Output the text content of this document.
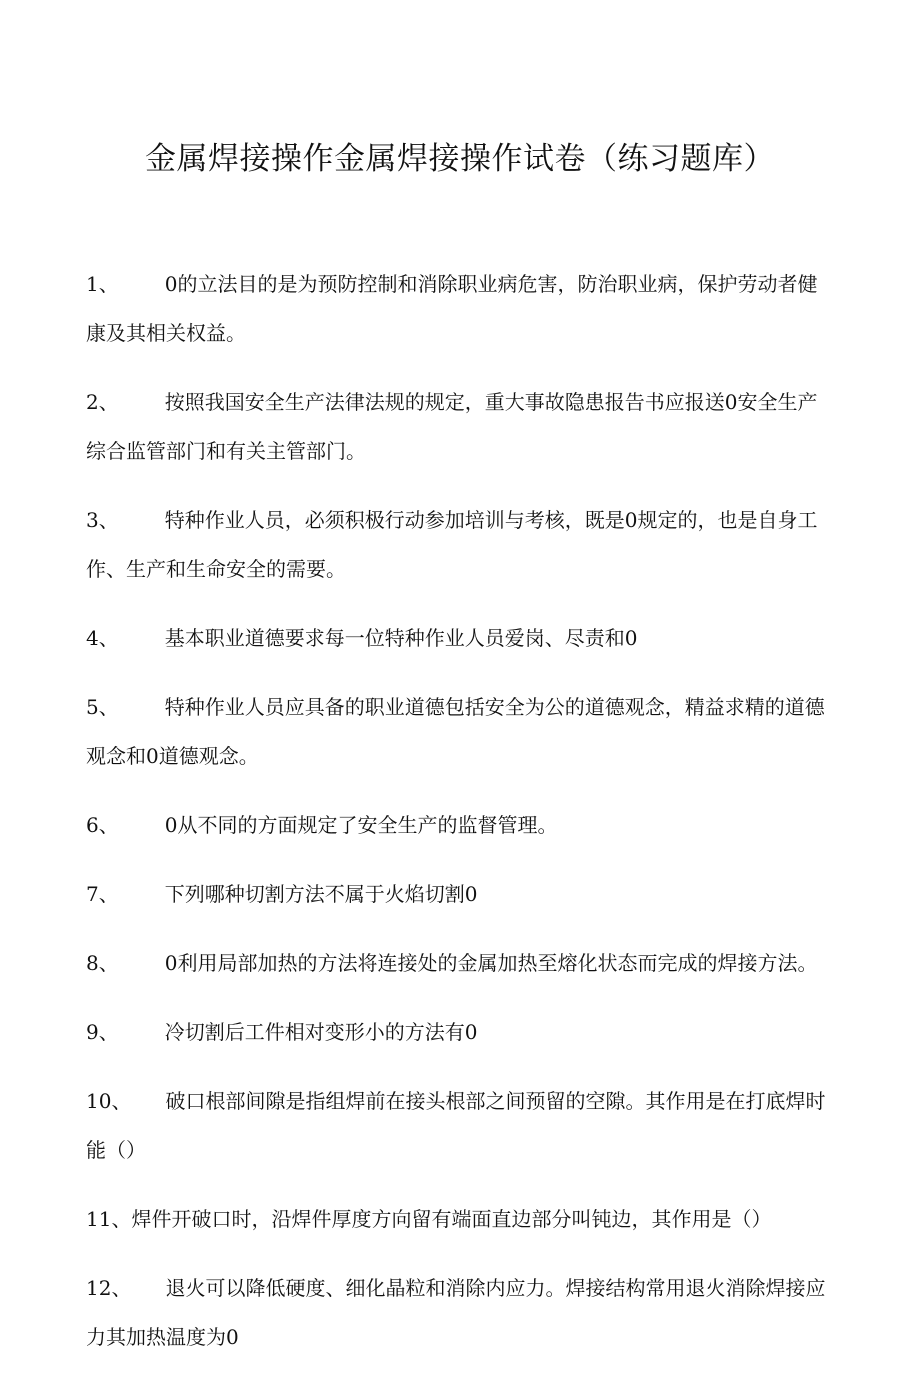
金属焊接操作金属焊接操作试卷（练习题库）
1、 0的立法目的是为预防控制和消除职业病危害，防治职业病，保护劳动者健康及其相关权益。
2、 按照我国安全生产法律法规的规定，重大事故隐患报告书应报送0安全生产综合监管部门和有关主管部门。
3、 特种作业人员，必须积极行动参加培训与考核，既是0规定的，也是自身工作、生产和生命安全的需要。
4、 基本职业道德要求每一位特种作业人员爱岗、尽责和0
5、 特种作业人员应具备的职业道德包括安全为公的道德观念，精益求精的道德观念和0道德观念。
6、 0从不同的方面规定了安全生产的监督管理。
7、 下列哪种切割方法不属于火焰切割0
8、 0利用局部加热的方法将连接处的金属加热至熔化状态而完成的焊接方法。
9、 冷切割后工件相对变形小的方法有0
10、 破口根部间隙是指组焊前在接头根部之间预留的空隙。其作用是在打底焊时能（）
11、焊件开破口时，沿焊件厚度方向留有端面直边部分叫钝边，其作用是（）
12、 退火可以降低硬度、细化晶粒和消除内应力。焊接结构常用退火消除焊接应力其加热温度为0
